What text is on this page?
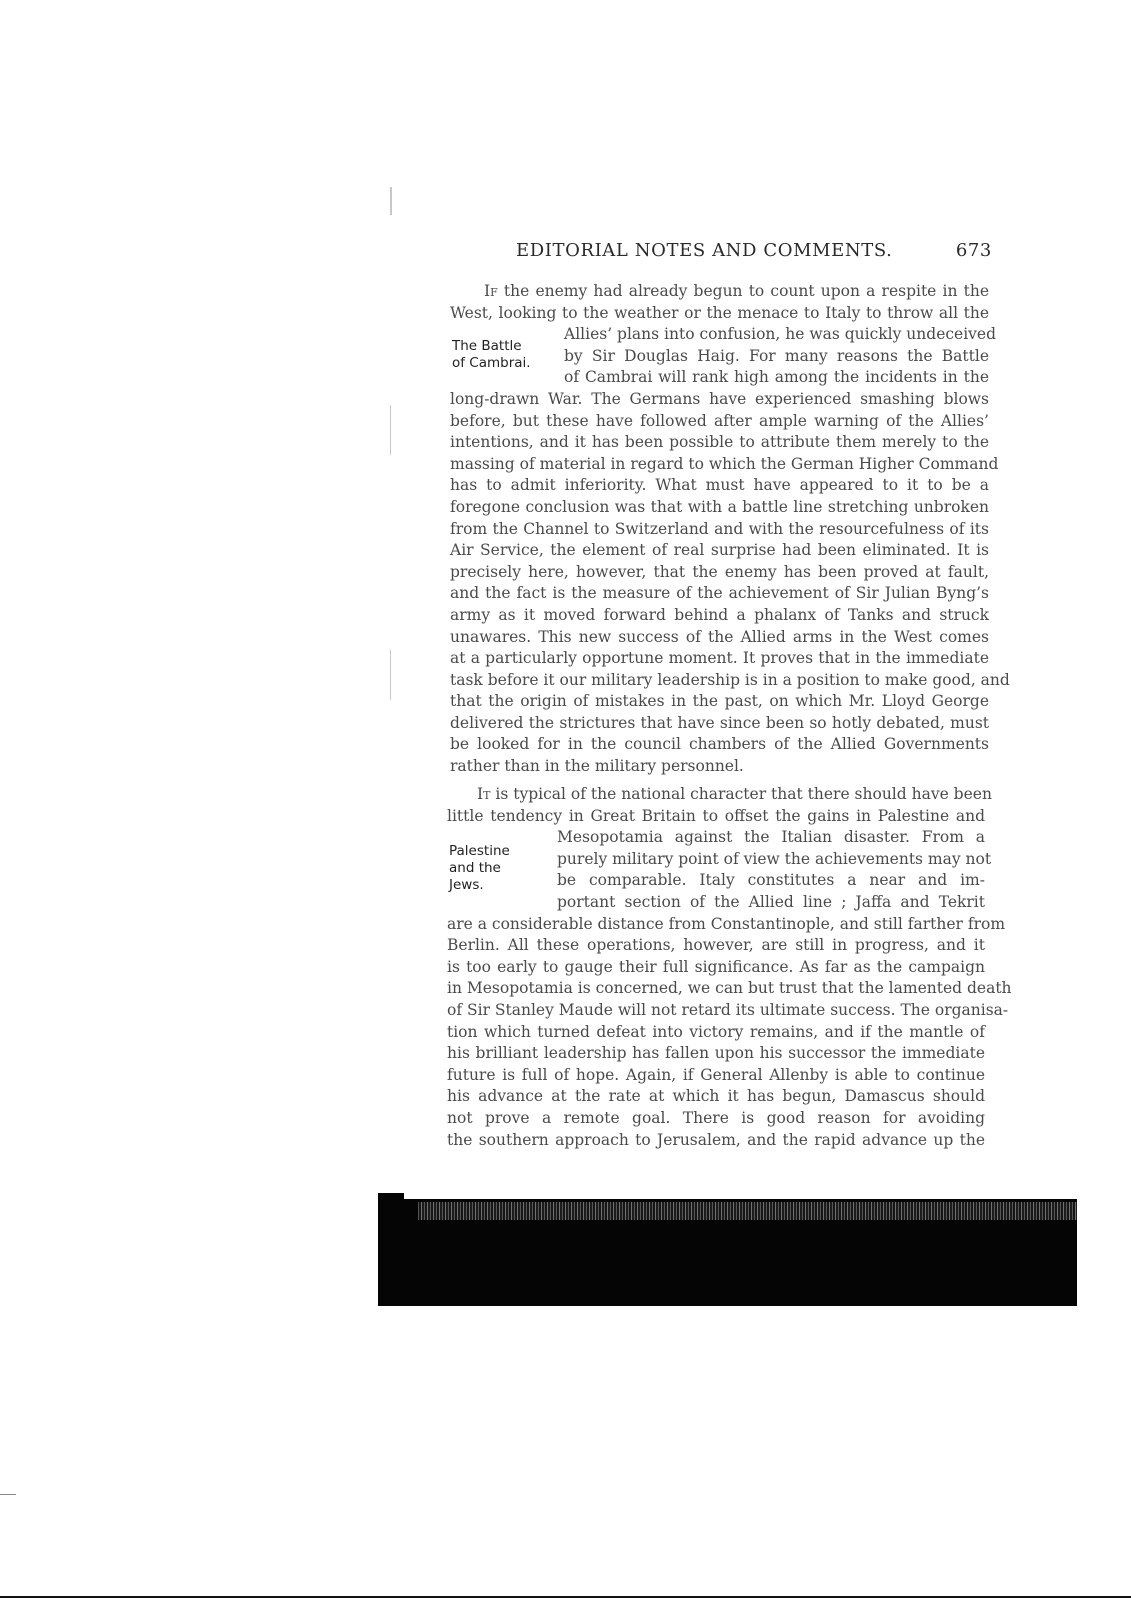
EDITORIAL NOTES AND COMMENTS.	673
If the enemy had already begun to count upon a respite in the
West, looking to the weather or the menace to Italy to throw all the
Allies’ plans into confusion, he was quickly undeceived
by Sir Douglas Haig. For many reasons the Battle
of Cambrai will rank high among the incidents in the
long-drawn War. The Germans have experienced smashing blows
before, but these have followed after ample warning of the Allies’
intentions, and it has been possible to attribute them merely to the
massing of material in regard to which the German Higher Command
has to admit inferiority. What must have appeared to it to be a
foregone conclusion was that with a battle line stretching unbroken
from the Channel to Switzerland and with the resourcefulness of its
Air Service, the element of real surprise had been eliminated. It is
precisely here, however, that the enemy has been proved at fault,
and the fact is the measure of the achievement of Sir Julian Byng’s
army as it moved forward behind a phalanx of Tanks and struck
unawares. This new success of the Allied arms in the West comes
at a particularly opportune moment. It proves that in the immediate
task before it our military leadership is in a position to make good, and
that the origin of mistakes in the past, on which Mr. Lloyd George
delivered the strictures that have since been so hotly debated, must
be looked for in the council chambers of the Allied Governments
rather than in the military personnel.
The Battle
of Cambrai.
It is typical of the national character that there should have been
little tendency in Great Britain to offset the gains in Palestine and
Mesopotamia against the Italian disaster. From a
purely military point of view the achievements may not
be comparable. Italy constitutes a near and im-
portant section of the Allied line ; Jaffa and Tekrit
are a considerable distance from Constantinople, and still farther from
Berlin. All these operations, however, are still in progress, and it
is too early to gauge their full significance. As far as the campaign
in Mesopotamia is concerned, we can but trust that the lamented death
of Sir Stanley Maude will not retard its ultimate success. The organisa-
tion which turned defeat into victory remains, and if the mantle of
his brilliant leadership has fallen upon his successor the immediate
future is full of hope. Again, if General Allenby is able to continue
his advance at the rate at which it has begun, Damascus should
not prove a remote goal. There is good reason for avoiding
the southern approach to Jerusalem, and the rapid advance up the
Palestine
and the
Jews.
